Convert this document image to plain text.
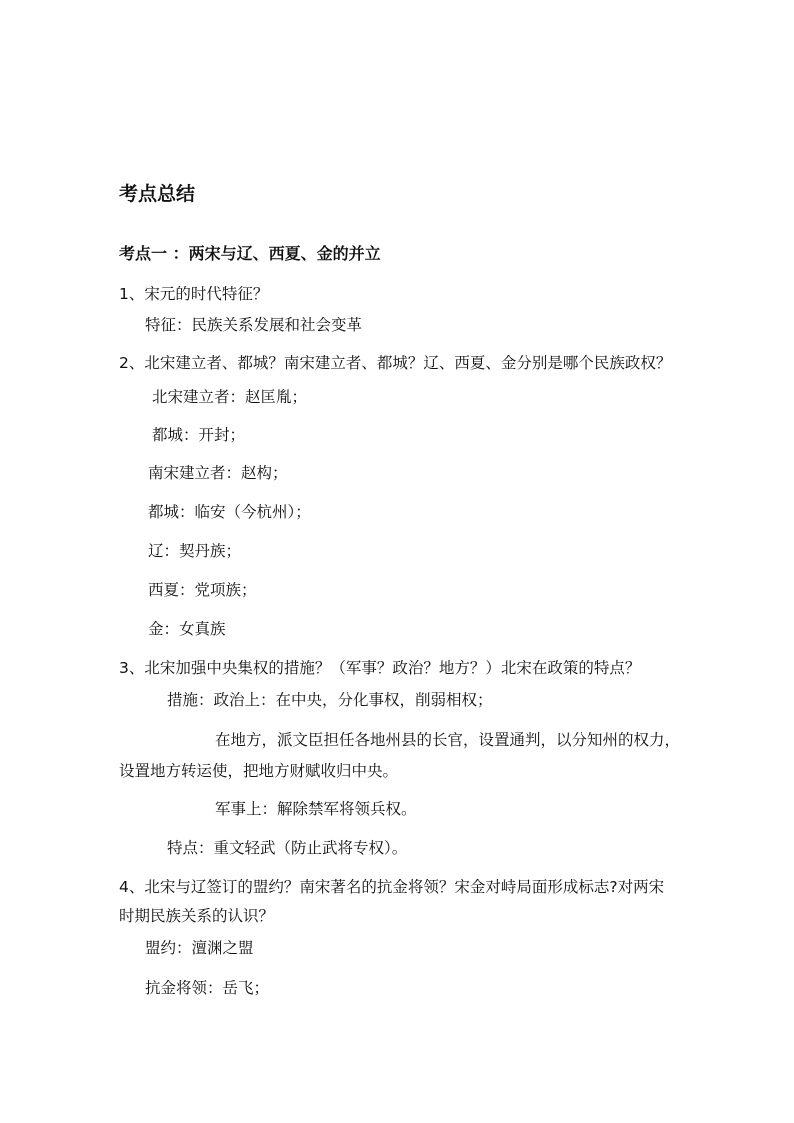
考点总结
考点一 ：两宋与辽、西夏、金的并立

1、宋元的时代特征？

特征：民族关系发展和社会变革

2、北宋建立者、都城？南宋建立者、都城？辽、西夏、金分别是哪个民族政权？

北宋建立者：赵匡胤；

都城：开封；

南宋建立者：赵构；

都城：临安（今杭州）；

辽：契丹族；

西夏：党项族；

金：女真族

3、北宋加强中央集权的措施？（军事？政治？地方？）北宋在政策的特点？

措施：政治上：在中央，分化事权，削弱相权；

在地方，派文臣担任各地州县的长官，设置通判，以分知州的权力，

设置地方转运使，把地方财赋收归中央。

军事上：解除禁军将领兵权。

特点：重文轻武（防止武将专权）。

4、北宋与辽签订的盟约？南宋著名的抗金将领？宋金对峙局面形成标志?对两宋

时期民族关系的认识？

盟约：澶渊之盟

抗金将领：岳飞；
